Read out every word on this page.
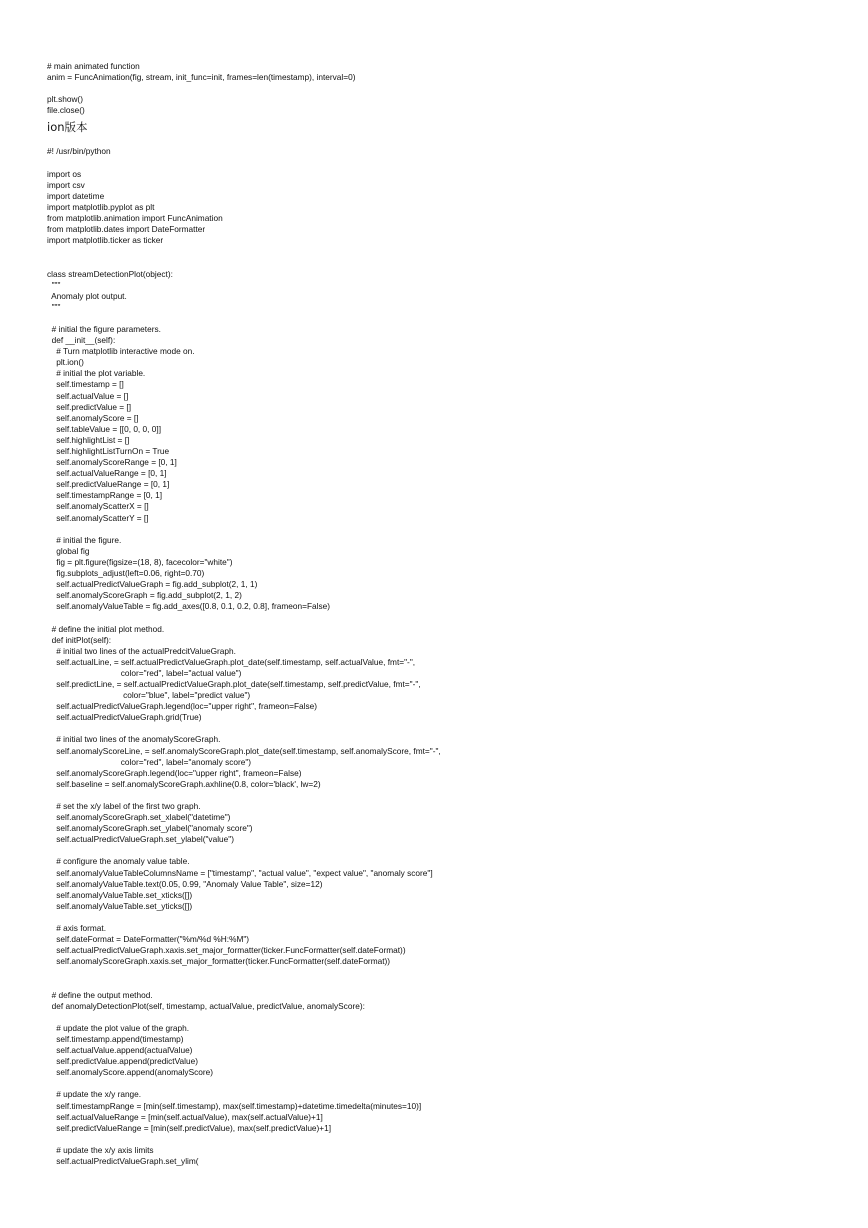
# main animated function
anim = FuncAnimation(fig, stream, init_func=init, frames=len(timestamp), interval=0)
plt.show()
file.close()
ion版本
#! /usr/bin/python
import os
import csv
import datetime
import matplotlib.pyplot as plt
from matplotlib.animation import FuncAnimation
from matplotlib.dates import DateFormatter
import matplotlib.ticker as ticker
class streamDetectionPlot(object):
"""
Anomaly plot output.
"""
# initial the figure parameters.
def __init__(self):
# Turn matplotlib interactive mode on.
plt.ion()
# initial the plot variable.
self.timestamp = []
self.actualValue = []
self.predictValue = []
self.anomalyScore = []
self.tableValue = [[0, 0, 0, 0]]
self.highlightList = []
self.highlightListTurnOn = True
self.anomalyScoreRange = [0, 1]
self.actualValueRange = [0, 1]
self.predictValueRange = [0, 1]
self.timestampRange = [0, 1]
self.anomalyScatterX = []
self.anomalyScatterY = []
# initial the figure.
global fig
fig = plt.figure(figsize=(18, 8), facecolor="white")
fig.subplots_adjust(left=0.06, right=0.70)
self.actualPredictValueGraph = fig.add_subplot(2, 1, 1)
self.anomalyScoreGraph = fig.add_subplot(2, 1, 2)
self.anomalyValueTable = fig.add_axes([0.8, 0.1, 0.2, 0.8], frameon=False)
# define the initial plot method.
def initPlot(self):
# initial two lines of the actualPredcitValueGraph.
self.actualLine, = self.actualPredictValueGraph.plot_date(self.timestamp, self.actualValue, fmt="-",
color="red", label="actual value")
self.predictLine, = self.actualPredictValueGraph.plot_date(self.timestamp, self.predictValue, fmt="-",
color="blue", label="predict value")
self.actualPredictValueGraph.legend(loc="upper right", frameon=False)
self.actualPredictValueGraph.grid(True)
# initial two lines of the anomalyScoreGraph.
self.anomalyScoreLine, = self.anomalyScoreGraph.plot_date(self.timestamp, self.anomalyScore, fmt="-",
color="red", label="anomaly score")
self.anomalyScoreGraph.legend(loc="upper right", frameon=False)
self.baseline = self.anomalyScoreGraph.axhline(0.8, color='black', lw=2)
# set the x/y label of the first two graph.
self.anomalyScoreGraph.set_xlabel("datetime")
self.anomalyScoreGraph.set_ylabel("anomaly score")
self.actualPredictValueGraph.set_ylabel("value")
# configure the anomaly value table.
self.anomalyValueTableColumnsName = ["timestamp", "actual value", "expect value", "anomaly score"]
self.anomalyValueTable.text(0.05, 0.99, "Anomaly Value Table", size=12)
self.anomalyValueTable.set_xticks([])
self.anomalyValueTable.set_yticks([])
# axis format.
self.dateFormat = DateFormatter("%m/%d %H:%M")
self.actualPredictValueGraph.xaxis.set_major_formatter(ticker.FuncFormatter(self.dateFormat))
self.anomalyScoreGraph.xaxis.set_major_formatter(ticker.FuncFormatter(self.dateFormat))
# define the output method.
def anomalyDetectionPlot(self, timestamp, actualValue, predictValue, anomalyScore):
# update the plot value of the graph.
self.timestamp.append(timestamp)
self.actualValue.append(actualValue)
self.predictValue.append(predictValue)
self.anomalyScore.append(anomalyScore)
# update the x/y range.
self.timestampRange = [min(self.timestamp), max(self.timestamp)+datetime.timedelta(minutes=10)]
self.actualValueRange = [min(self.actualValue), max(self.actualValue)+1]
self.predictValueRange = [min(self.predictValue), max(self.predictValue)+1]
# update the x/y axis limits
self.actualPredictValueGraph.set_ylim(
